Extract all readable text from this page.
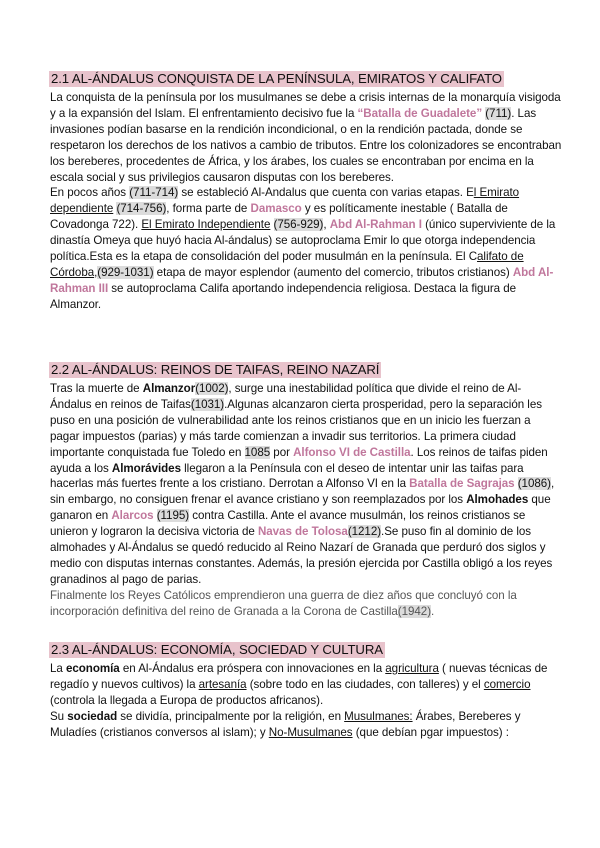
2.1 AL-ÁNDALUS CONQUISTA DE LA PENÍNSULA, EMIRATOS Y CALIFATO

La conquista de la península por los musulmanes se debe a crisis internas de la monarquía visigoda y a la expansión del Islam. El enfrentamiento decisivo fue la “Batalla de Guadalete” (711). Las invasiones podían basarse en la rendición incondicional, o en la rendición pactada, donde se respetaron los derechos de los nativos a cambio de tributos. Entre los colonizadores se encontraban los bereberes, procedentes de África, y los árabes, los cuales se encontraban por encima en la escala social y sus privilegios causaron disputas con los bereberes.

En pocos años (711-714) se estableció Al-Andalus que cuenta con varias etapas. El Emirato dependiente (714-756), forma parte de Damasco y es políticamente inestable ( Batalla de Covadonga 722). El Emirato Independiente (756-929), Abd Al-Rahman I (único superviviente de la dinastía Omeya que huyó hacia Al-ándalus) se autoproclama Emir lo que otorga independencia política.Esta es la etapa de consolidación del poder musulmán en la península. El Califato de Córdoba,(929-1031) etapa de mayor esplendor (aumento del comercio, tributos cristianos) Abd Al-Rahman III se autoproclama Califa aportando independencia religiosa. Destaca la figura de Almanzor.

2.2 AL-ÁNDALUS: REINOS DE TAIFAS, REINO NAZARÍ

Tras la muerte de Almanzor(1002), surge una inestabilidad política que divide el reino de Al-Ándalus en reinos de Taifas(1031).Algunas alcanzaron cierta prosperidad, pero la separación les puso en una posición de vulnerabilidad ante los reinos cristianos que en un inicio les fuerzan a pagar impuestos (parias) y más tarde comienzan a invadir sus territorios. La primera ciudad importante conquistada fue Toledo en 1085 por Alfonso VI de Castilla. Los reinos de taifas piden ayuda a los Almorávides llegaron a la Península con el deseo de intentar unir las taifas para hacerlas más fuertes frente a los cristiano. Derrotan a Alfonso VI en la Batalla de Sagrajas (1086), sin embargo, no consiguen frenar el avance cristiano y son reemplazados por los Almohades que ganaron en Alarcos (1195) contra Castilla. Ante el avance musulmán, los reinos cristianos se unieron y lograron la decisiva victoria de Navas de Tolosa(1212).Se puso fin al dominio de los almohades y Al-Ándalus se quedó reducido al Reino Nazarí de Granada que perduró dos siglos y medio con disputas internas constantes. Además, la presión ejercida por Castilla obligó a los reyes granadinos al pago de parias.

Finalmente los Reyes Católicos emprendieron una guerra de diez años que concluyó con la incorporación definitiva del reino de Granada a la Corona de Castilla(1942).

2.3 AL-ÁNDALUS: ECONOMÍA, SOCIEDAD Y CULTURA

La economía en Al-Ándalus era próspera con innovaciones en la agricultura ( nuevas técnicas de regadío y nuevos cultivos) la artesanía (sobre todo en las ciudades, con talleres) y el comercio (controla la llegada a Europa de productos africanos).

Su sociedad se dividía, principalmente por la religión, en Musulmanes: Árabes, Bereberes y Muladíes (cristianos conversos al islam); y No-Musulmanes (que debían pgar impuestos) :
